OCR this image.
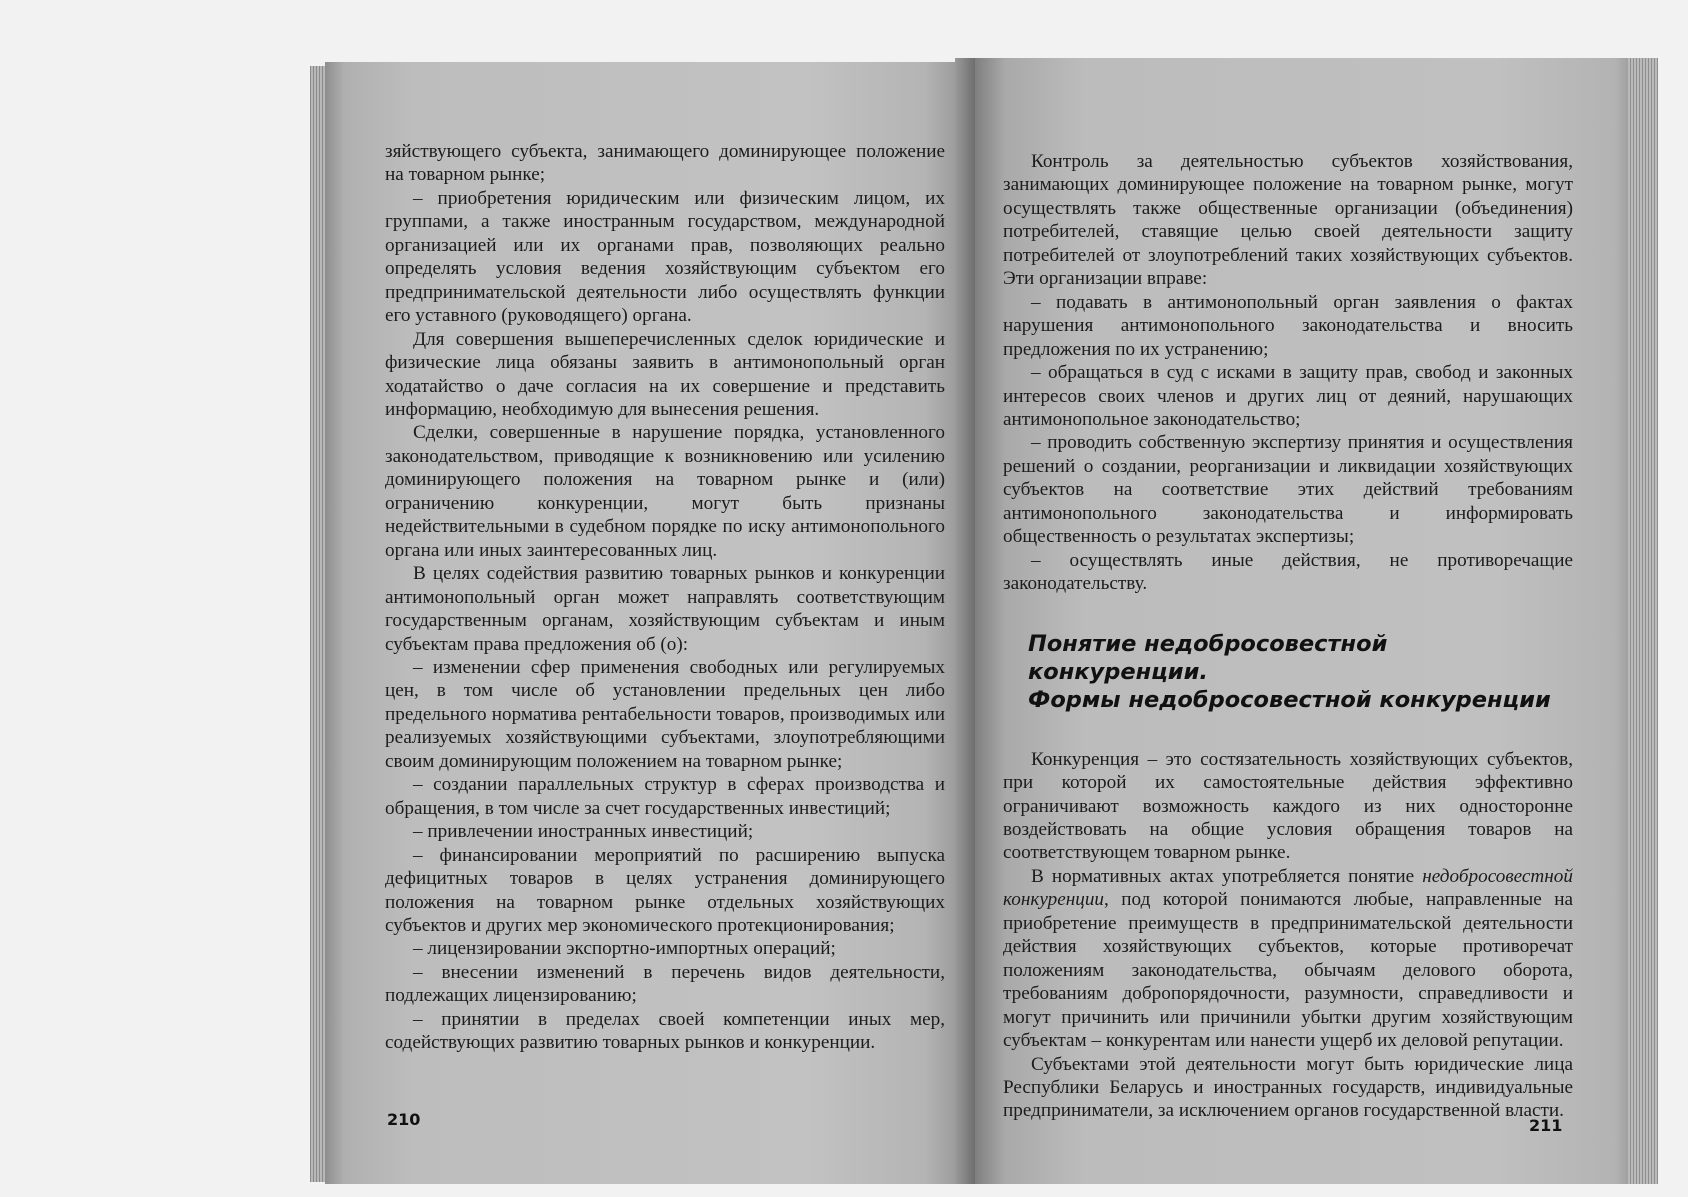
зяйствующего субъекта, занимающего доминирующее положение на товарном рынке;

– приобретения юридическим или физическим лицом, их группами, а также иностранным государством, международной организацией или их органами прав, позволяющих реально определять условия ведения хозяйствующим субъектом его предпринимательской деятельности либо осуществлять функции его уставного (руководящего) органа.

Для совершения вышеперечисленных сделок юридические и физические лица обязаны заявить в антимонопольный орган ходатайство о даче согласия на их совершение и представить информацию, необходимую для вынесения решения.

Сделки, совершенные в нарушение порядка, установленного законодательством, приводящие к возникновению или усилению доминирующего положения на товарном рынке и (или) ограничению конкуренции, могут быть признаны недействительными в судебном порядке по иску антимонопольного органа или иных заинтересованных лиц.

В целях содействия развитию товарных рынков и конкуренции антимонопольный орган может направлять соответствующим государственным органам, хозяйствующим субъектам и иным субъектам права предложения об (о):

– изменении сфер применения свободных или регулируемых цен, в том числе об установлении предельных цен либо предельного норматива рентабельности товаров, производимых или реализуемых хозяйствующими субъектами, злоупотребляющими своим доминирующим положением на товарном рынке;

– создании параллельных структур в сферах производства и обращения, в том числе за счет государственных инвестиций;

– привлечении иностранных инвестиций;

– финансировании мероприятий по расширению выпуска дефицитных товаров в целях устранения доминирующего положения на товарном рынке отдельных хозяйствующих субъектов и других мер экономического протекционирования;

– лицензировании экспортно-импортных операций;

– внесении изменений в перечень видов деятельности, подлежащих лицензированию;

– принятии в пределах своей компетенции иных мер, содействующих развитию товарных рынков и конкуренции.

210

Контроль за деятельностью субъектов хозяйствования, занимающих доминирующее положение на товарном рынке, могут осуществлять также общественные организации (объединения) потребителей, ставящие целью своей деятельности защиту потребителей от злоупотреблений таких хозяйствующих субъектов. Эти организации вправе:

– подавать в антимонопольный орган заявления о фактах нарушения антимонопольного законодательства и вносить предложения по их устранению;

– обращаться в суд с исками в защиту прав, свобод и законных интересов своих членов и других лиц от деяний, нарушающих антимонопольное законодательство;

– проводить собственную экспертизу принятия и осуществления решений о создании, реорганизации и ликвидации хозяйствующих субъектов на соответствие этих действий требованиям антимонопольного законодательства и информировать общественность о результатах экспертизы;

– осуществлять иные действия, не противоречащие законодательству.

Понятие недобросовестной конкуренции.
Формы недобросовестной конкуренции

Конкуренция – это состязательность хозяйствующих субъектов, при которой их самостоятельные действия эффективно ограничивают возможность каждого из них односторонне воздействовать на общие условия обращения товаров на соответствующем товарном рынке.

В нормативных актах употребляется понятие недобросовестной конкуренции, под которой понимаются любые, направленные на приобретение преимуществ в предпринимательской деятельности действия хозяйствующих субъектов, которые противоречат положениям законодательства, обычаям делового оборота, требованиям добропорядочности, разумности, справедливости и могут причинить или причинили убытки другим хозяйствующим субъектам – конкурентам или нанести ущерб их деловой репутации.

Субъектами этой деятельности могут быть юридические лица Республики Беларусь и иностранных государств, индивидуальные предприниматели, за исключением органов государственной власти.

211
